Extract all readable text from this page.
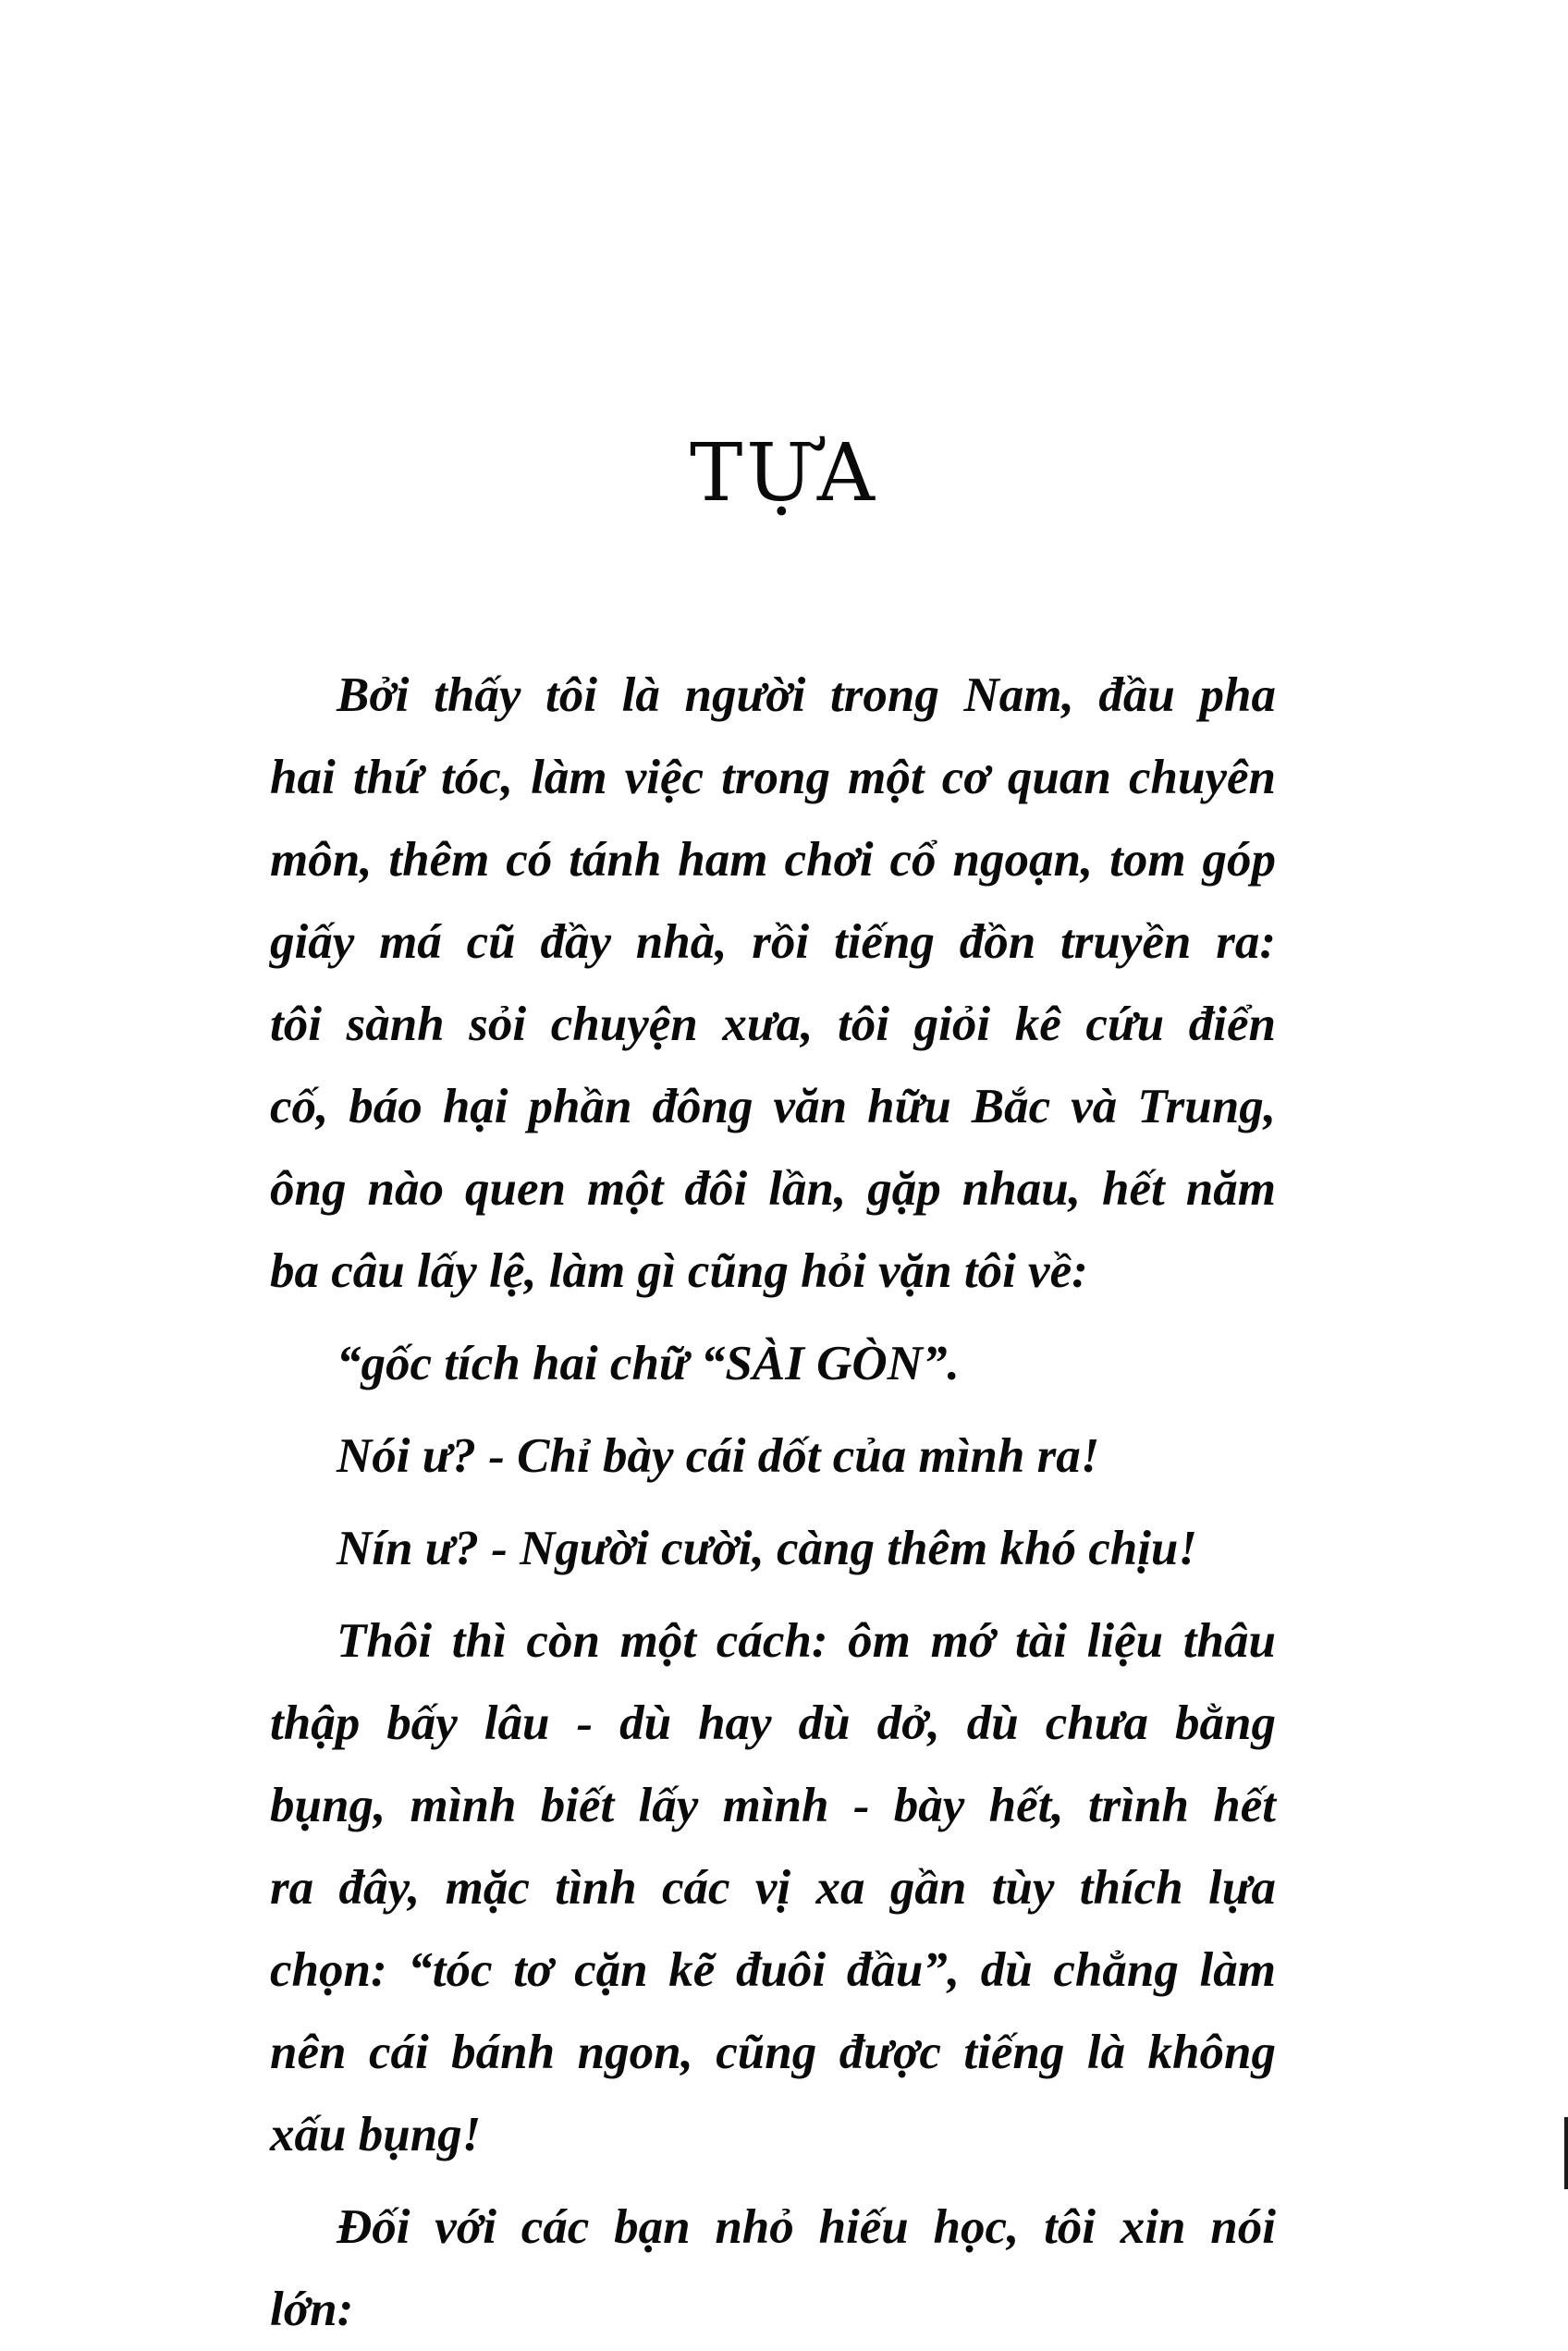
TỰA
Bởi thấy tôi là người trong Nam, đầu pha
hai thứ tóc, làm việc trong một cơ quan chuyên
môn, thêm có tánh ham chơi cổ ngoạn, tom góp
giấy má cũ đầy nhà, rồi tiếng đồn truyền ra:
tôi sành sỏi chuyện xưa, tôi giỏi kê cứu điển
cố, báo hại phần đông văn hữu Bắc và Trung,
ông nào quen một đôi lần, gặp nhau, hết năm
ba câu lấy lệ, làm gì cũng hỏi vặn tôi về:
“gốc tích hai chữ “SÀI GÒN”.
Nói ư? - Chỉ bày cái dốt của mình ra!
Nín ư? - Người cười, càng thêm khó chịu!
Thôi thì còn một cách: ôm mớ tài liệu thâu
thập bấy lâu - dù hay dù dở, dù chưa bằng
bụng, mình biết lấy mình - bày hết, trình hết
ra đây, mặc tình các vị xa gần tùy thích lựa
chọn: “tóc tơ cặn kẽ đuôi đầu”, dù chẳng làm
nên cái bánh ngon, cũng được tiếng là không
xấu bụng!
Đối với các bạn nhỏ hiếu học, tôi xin nói
lớn:
